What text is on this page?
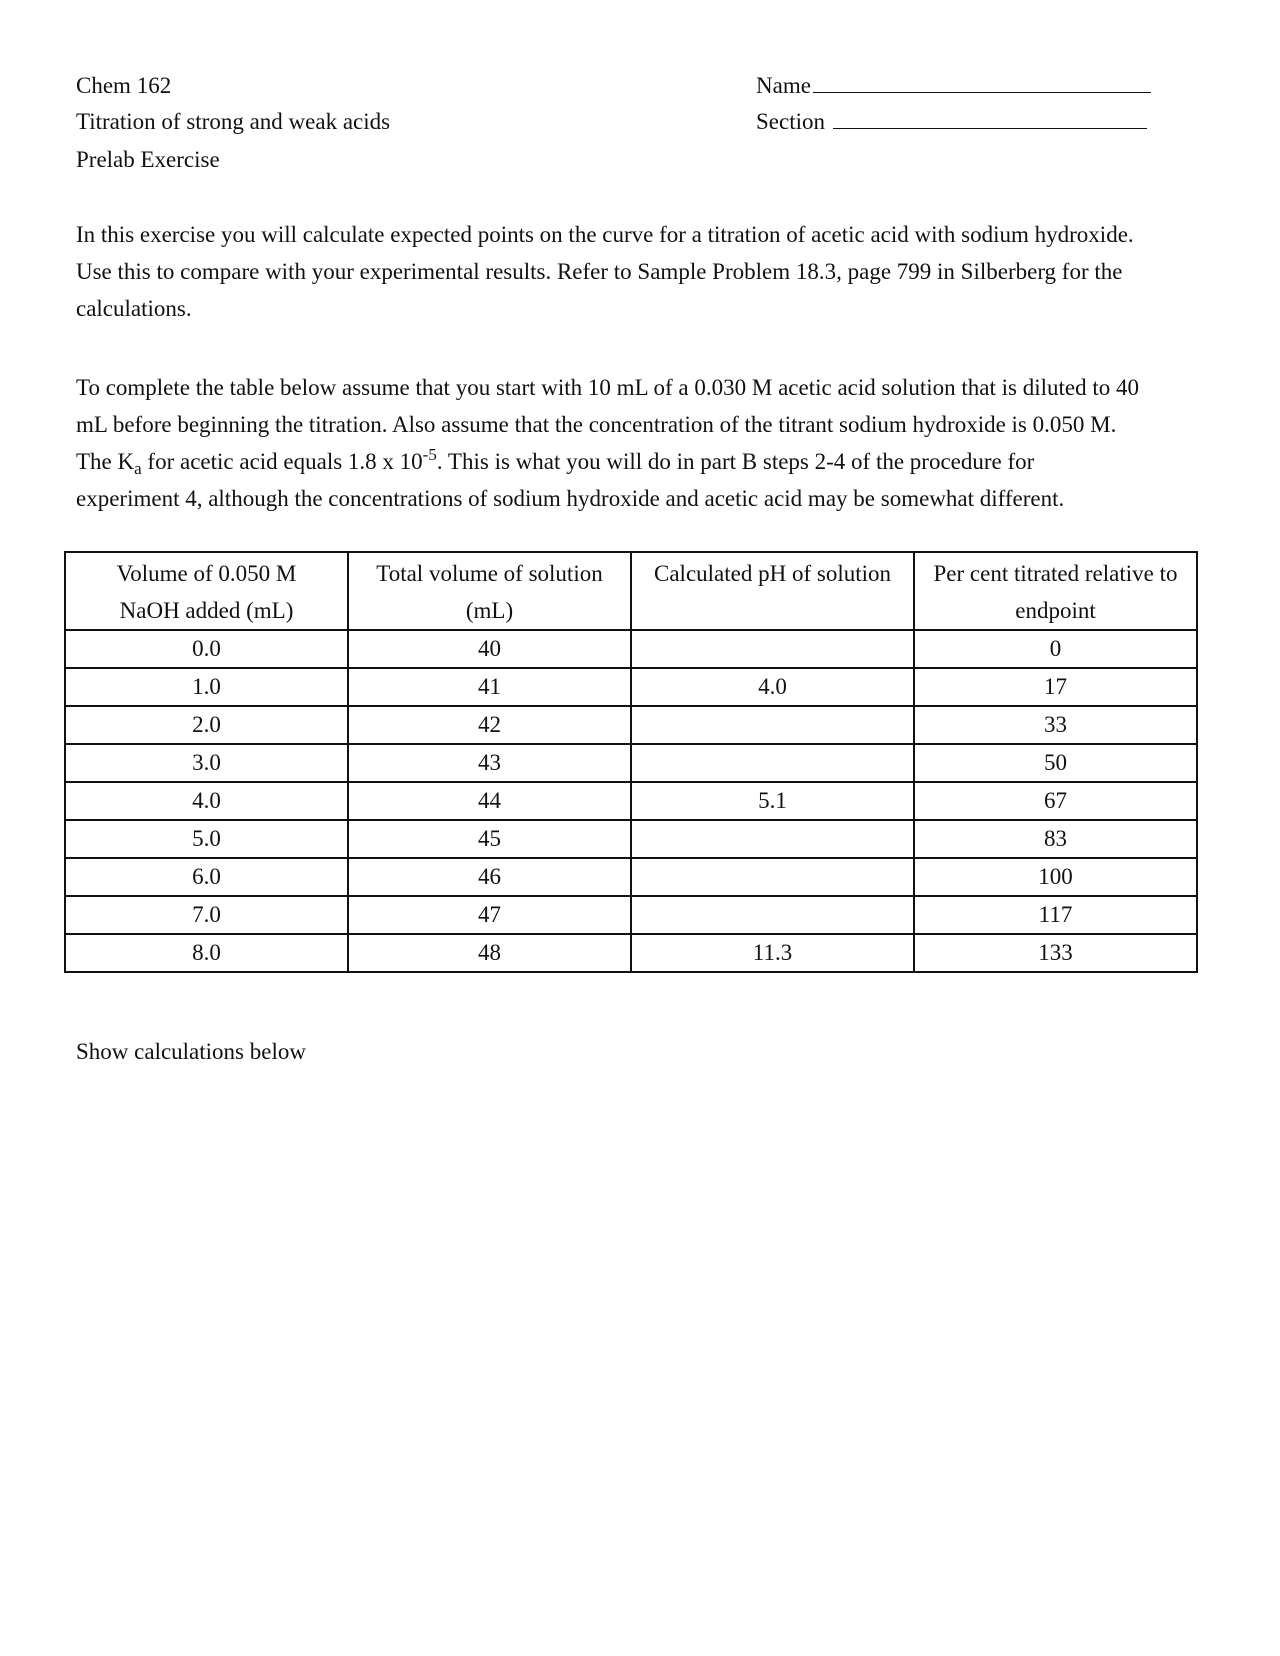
Chem 162
Titration of strong and weak acids
Prelab Exercise
Name
Section
In this exercise you will calculate expected points on the curve for a titration of acetic acid with sodium hydroxide.
Use this to compare with your experimental results. Refer to Sample Problem 18.3, page 799 in Silberberg for the
calculations.
To complete the table below assume that you start with 10 mL of a 0.030 M acetic acid solution that is diluted to 40
mL before beginning the titration. Also assume that the concentration of the titrant sodium hydroxide is 0.050 M.
The $K_a$ for acetic acid equals 1.8 x $10^{-5}$. This is what you will do in part B steps 2-4 of the procedure for
experiment 4, although the concentrations of sodium hydroxide and acetic acid may be somewhat different.
Volume of 0.050 M
NaOH added (mL)	Total volume of solution
(mL)	Calculated pH of solution	Per cent titrated relative to
endpoint

0.0	40		0
1.0	41	4.0	17
2.0	42		33
3.0	43		50
4.0	44	5.1	67
5.0	45		83
6.0	46		100
7.0	47		117
8.0	48	11.3	133
Show calculations below
